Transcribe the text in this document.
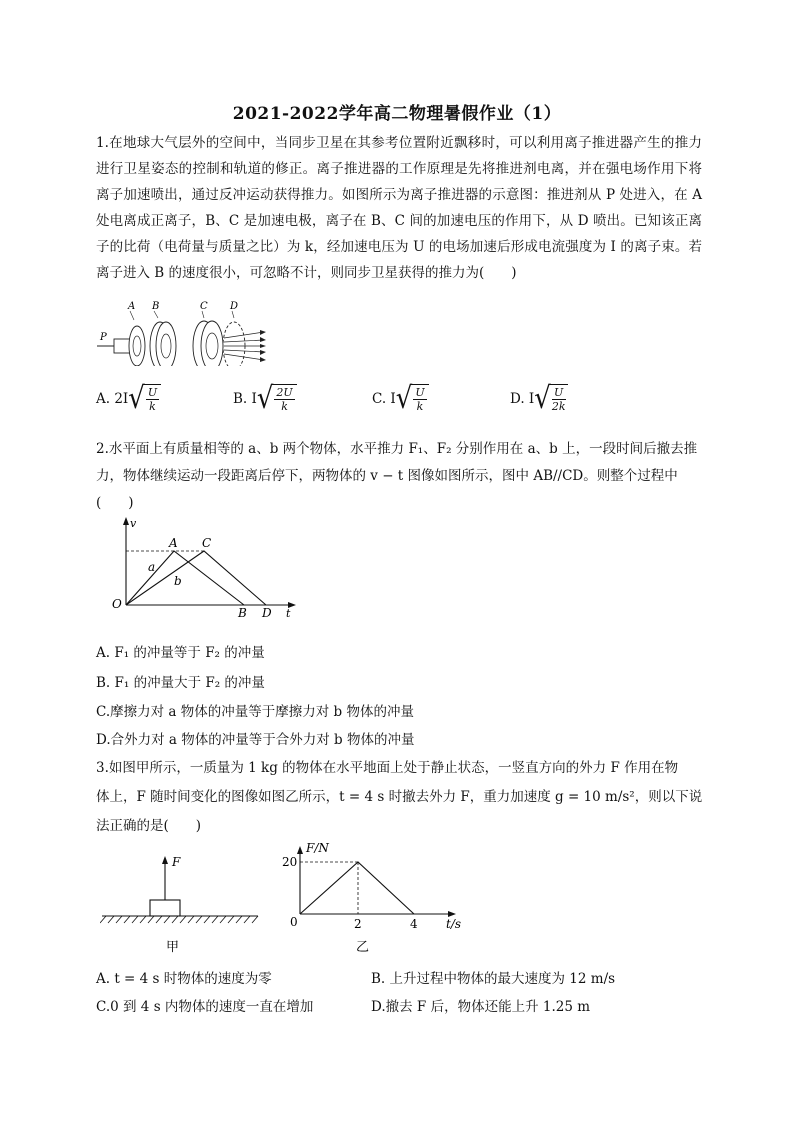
2021-2022学年高二物理暑假作业（1）

1.在地球大气层外的空间中，当同步卫星在其参考位置附近飘移时，可以利用离子推进器产生的推力进行卫星姿态的控制和轨道的修正。离子推进器的工作原理是先将推进剂电离，并在强电场作用下将离子加速喷出，通过反冲运动获得推力。如图所示为离子推进器的示意图：推进剂从 P 处进入，在 A 处电离成正离子，B、C 是加速电极，离子在 B、C 间的加速电压的作用下，从 D 喷出。已知该正离子的比荷（电荷量与质量之比）为 k，经加速电压为 U 的电场加速后形成电流强度为 I 的离子束。若离子进入 B 的速度很小，可忽略不计，则同步卫星获得的推力为(　　)

A B	C D
P
A. 2I √ $\frac{U}{k}$	B. I √ $\frac{2U}{k}$	C. I √ $\frac{U}{k}$	D. I √ $\frac{U}{2k}$
2.水平面上有质量相等的 a、b 两个物体，水平推力 F₁、F₂ 分别作用在 a、b 上，一段时间后撤去推
力，物体继续运动一段距离后停下，两物体的 v − t 图像如图所示，图中 AB//CD。则整个过程中
(　　)
v
t
O
A C
B D
a
b
A. F₁ 的冲量等于 F₂ 的冲量
B. F₁ 的冲量大于 F₂ 的冲量
C.摩擦力对 a 物体的冲量等于摩擦力对 b 物体的冲量
D.合外力对 a 物体的冲量等于合外力对 b 物体的冲量
3.如图甲所示，一质量为 1 kg 的物体在水平地面上处于静止状态，一竖直方向的外力 F 作用在物
体上，F 随时间变化的图像如图乙所示，t = 4 s 时撤去外力 F，重力加速度 g = 10 m/s²，则以下说
法正确的是(　　)
F
甲
F/N
20
0	2	4 t/s
乙
A. t = 4 s 时物体的速度为零	B. 上升过程中物体的最大速度为 12 m/s
C.0 到 4 s 内物体的速度一直在增加	D.撤去 F 后，物体还能上升 1.25 m
